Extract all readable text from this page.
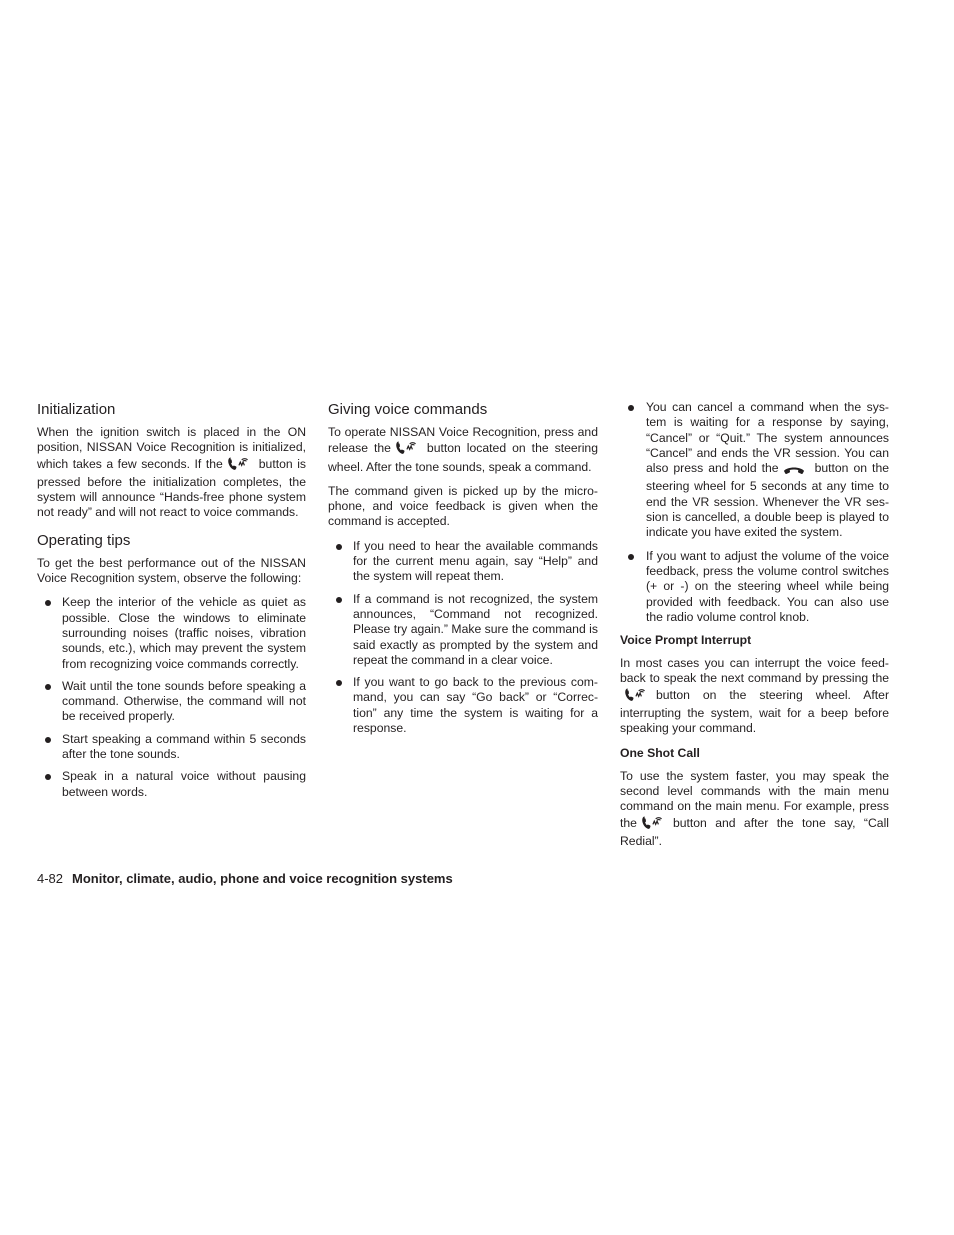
Initialization

When the ignition switch is placed in the ON position, NISSAN Voice Recognition is initialized, which takes a few seconds. If the	button is pressed before the initialization completes, the system will announce “Hands-free phone system not ready” and will not react to voice commands.

Operating tips

To get the best performance out of the NISSAN Voice Recognition system, observe the following:

Keep the interior of the vehicle as quiet as possible. Close the windows to eliminate surrounding noises (traffic noises, vibration sounds, etc.), which may prevent the system from recognizing voice commands correctly.
Wait until the tone sounds before speaking a command. Otherwise, the command will not be received properly.
Start speaking a command within 5 seconds after the tone sounds.
Speak in a natural voice without pausing between words.
Giving voice commands

To operate NISSAN Voice Recognition, press and release the	button located on the steering wheel. After the tone sounds, speak a command.

The command given is picked up by the micro-phone, and voice feedback is given when the command is accepted.

If you need to hear the available commands for the current menu again, say “Help” and the system will repeat them.
If a command is not recognized, the system announces, “Command not recognized. Please try again.” Make sure the command is said exactly as prompted by the system and repeat the command in a clear voice.
If you want to go back to the previous com-mand, you can say “Go back” or “Correc-tion” any time the system is waiting for a response.
You can cancel a command when the sys-tem is waiting for a response by saying, “Cancel” or “Quit.” The system announces “Cancel” and ends the VR session. You can also press and hold the	button on the steering wheel for 5 seconds at any time to end the VR session. Whenever the VR ses-sion is cancelled, a double beep is played to indicate you have exited the system.
If you want to adjust the volume of the voice feedback, press the volume control switches (+ or -) on the steering wheel while being provided with feedback. You can also use the radio volume control knob.
Voice Prompt Interrupt

In most cases you can interrupt the voice feed-back to speak the next command by pressing thebutton on the steering wheel. After interrupting the system, wait for a beep before speaking your command.

One Shot Call

To use the system faster, you may speak the second level commands with the main menu command on the main menu. For example, press the	button and after the tone say, “Call Redial”.

4-82 Monitor, climate, audio, phone and voice recognition systems
